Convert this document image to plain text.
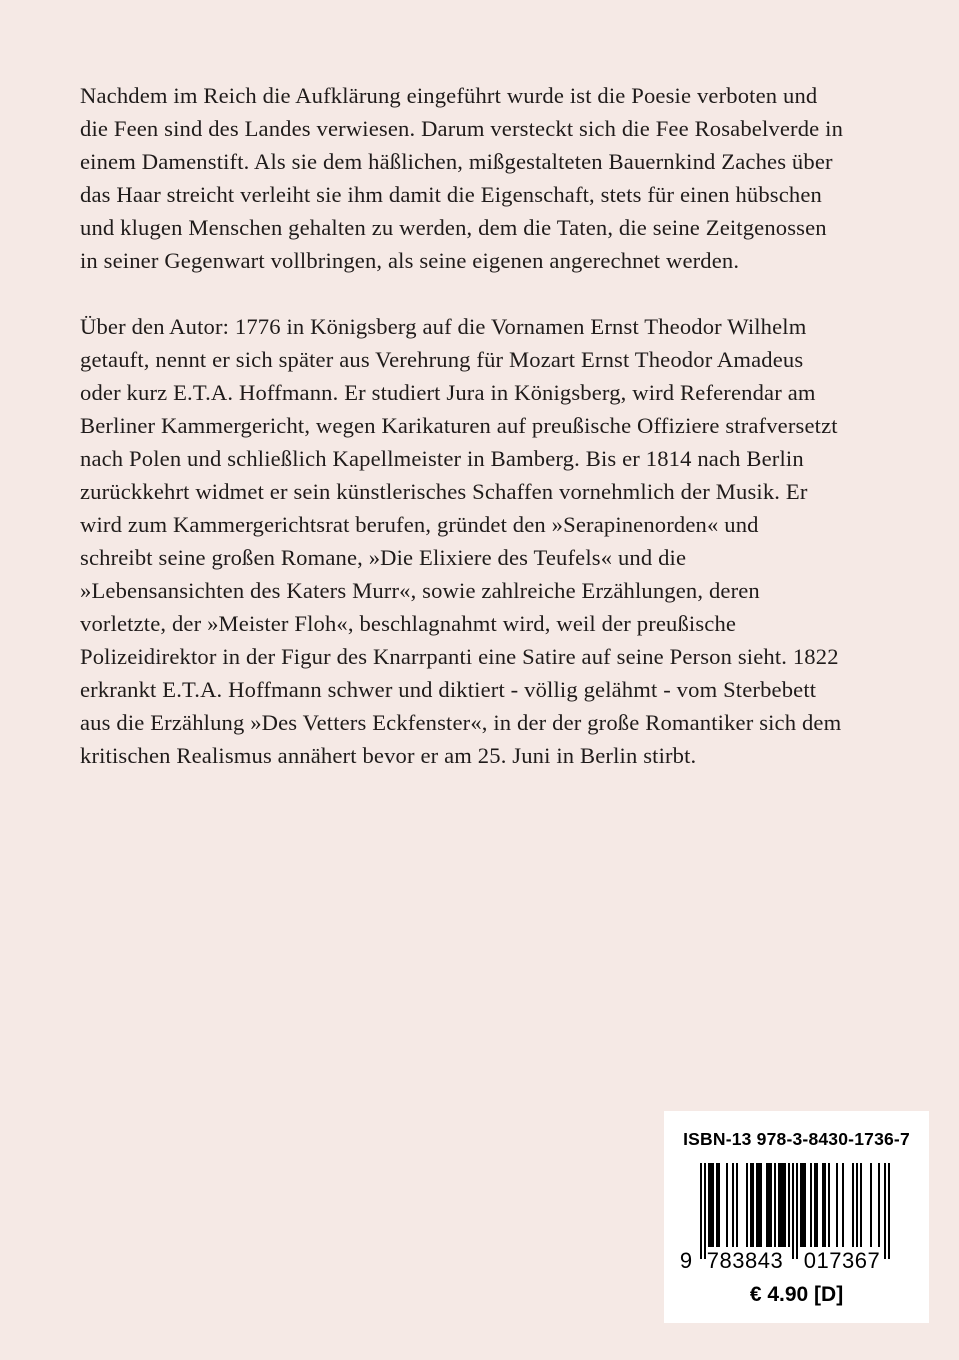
Nachdem im Reich die Aufklärung eingeführt wurde ist die Poesie verboten und
die Feen sind des Landes verwiesen. Darum versteckt sich die Fee Rosabelverde in
einem Damenstift. Als sie dem häßlichen, mißgestalteten Bauernkind Zaches über
das Haar streicht verleiht sie ihm damit die Eigenschaft, stets für einen hübschen
und klugen Menschen gehalten zu werden, dem die Taten, die seine Zeitgenossen
in seiner Gegenwart vollbringen, als seine eigenen angerechnet werden.

Über den Autor: 1776 in Königsberg auf die Vornamen Ernst Theodor Wilhelm
getauft, nennt er sich später aus Verehrung für Mozart Ernst Theodor Amadeus
oder kurz E.T.A. Hoffmann. Er studiert Jura in Königsberg, wird Referendar am
Berliner Kammergericht, wegen Karikaturen auf preußische Offiziere strafversetzt
nach Polen und schließlich Kapellmeister in Bamberg. Bis er 1814 nach Berlin
zurückkehrt widmet er sein künstlerisches Schaffen vornehmlich der Musik. Er
wird zum Kammergerichtsrat berufen, gründet den »Serapinenorden« und
schreibt seine großen Romane, »Die Elixiere des Teufels« und die
»Lebensansichten des Katers Murr«, sowie zahlreiche Erzählungen, deren
vorletzte, der »Meister Floh«, beschlagnahmt wird, weil der preußische
Polizeidirektor in der Figur des Knarrpanti eine Satire auf seine Person sieht. 1822
erkrankt E.T.A. Hoffmann schwer und diktiert - völlig gelähmt - vom Sterbebett
aus die Erzählung »Des Vetters Eckfenster«, in der der große Romantiker sich dem
kritischen Realismus annähert bevor er am 25. Juni in Berlin stirbt.

ISBN-13 978-3-8430-1736-7
9 783843 017367
€ 4.90 [D]
